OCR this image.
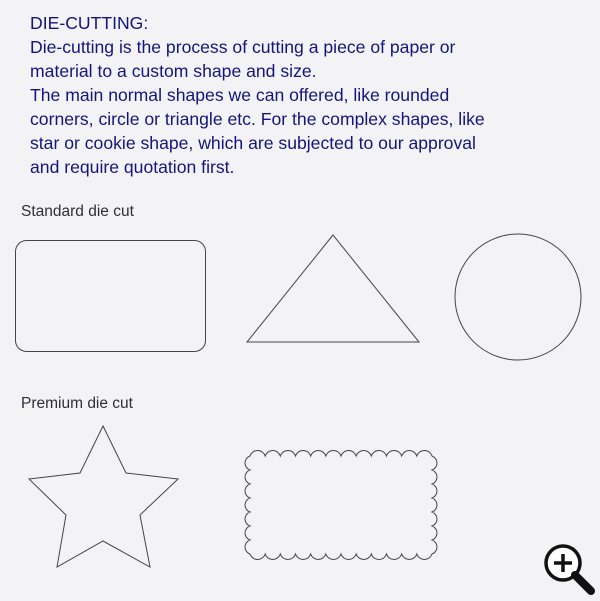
DIE-CUTTING:
Die-cutting is the process of cutting a piece of paper or
material to a custom shape and size.
The main normal shapes we can offered, like rounded
corners, circle or triangle etc. For the complex shapes, like
star or cookie shape, which are subjected to our approval
and require quotation first.
Standard die cut
Premium die cut
